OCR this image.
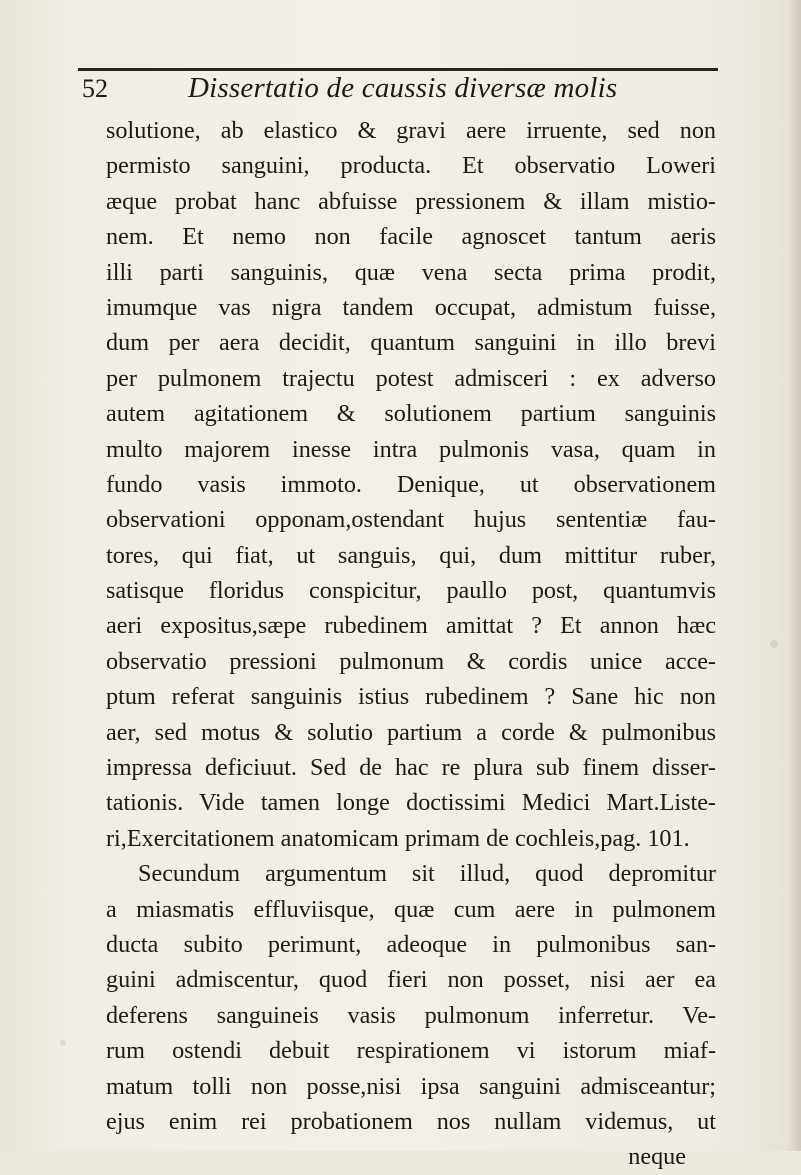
52	Dissertatio de caussis diversæ molis
solutione, ab elastico & gravi aere irruente, sed non
permisto sanguini, producta. Et observatio Loweri
æque probat hanc abfuisse pressionem & illam mistio-
nem. Et nemo non facile agnoscet tantum aeris
illi parti sanguinis, quæ vena secta prima prodit,
imumque vas nigra tandem occupat, admistum fuisse,
dum per aera decidit, quantum sanguini in illo brevi
per pulmonem trajectu potest admisceri : ex adverso
autem agitationem & solutionem partium sanguinis
multo majorem inesse intra pulmonis vasa, quam in
fundo vasis immoto. Denique, ut observationem
observationi opponam,ostendant hujus sententiæ fau-
tores, qui fiat, ut sanguis, qui, dum mittitur ruber,
satisque floridus conspicitur, paullo post, quantumvis
aeri expositus,sæpe rubedinem amittat ? Et annon hæc
observatio pressioni pulmonum & cordis unice acce-
ptum referat sanguinis istius rubedinem ? Sane hic non
aer, sed motus & solutio partium a corde & pulmonibus
impressa deficiuut. Sed de hac re plura sub finem disser-
tationis. Vide tamen longe doctissimi Medici Mart.Liste-
ri,Exercitationem anatomicam primam de cochleis,pag. 101.
Secundum argumentum sit illud, quod depromitur
a miasmatis effluviisque, quæ cum aere in pulmonem
ducta subito perimunt, adeoque in pulmonibus san-
guini admiscentur, quod fieri non posset, nisi aer ea
deferens sanguineis vasis pulmonum inferretur. Ve-
rum ostendi debuit respirationem vi istorum miaf-
matum tolli non posse,nisi ipsa sanguini admisceantur;
ejus enim rei probationem nos nullam videmus, ut
neque
